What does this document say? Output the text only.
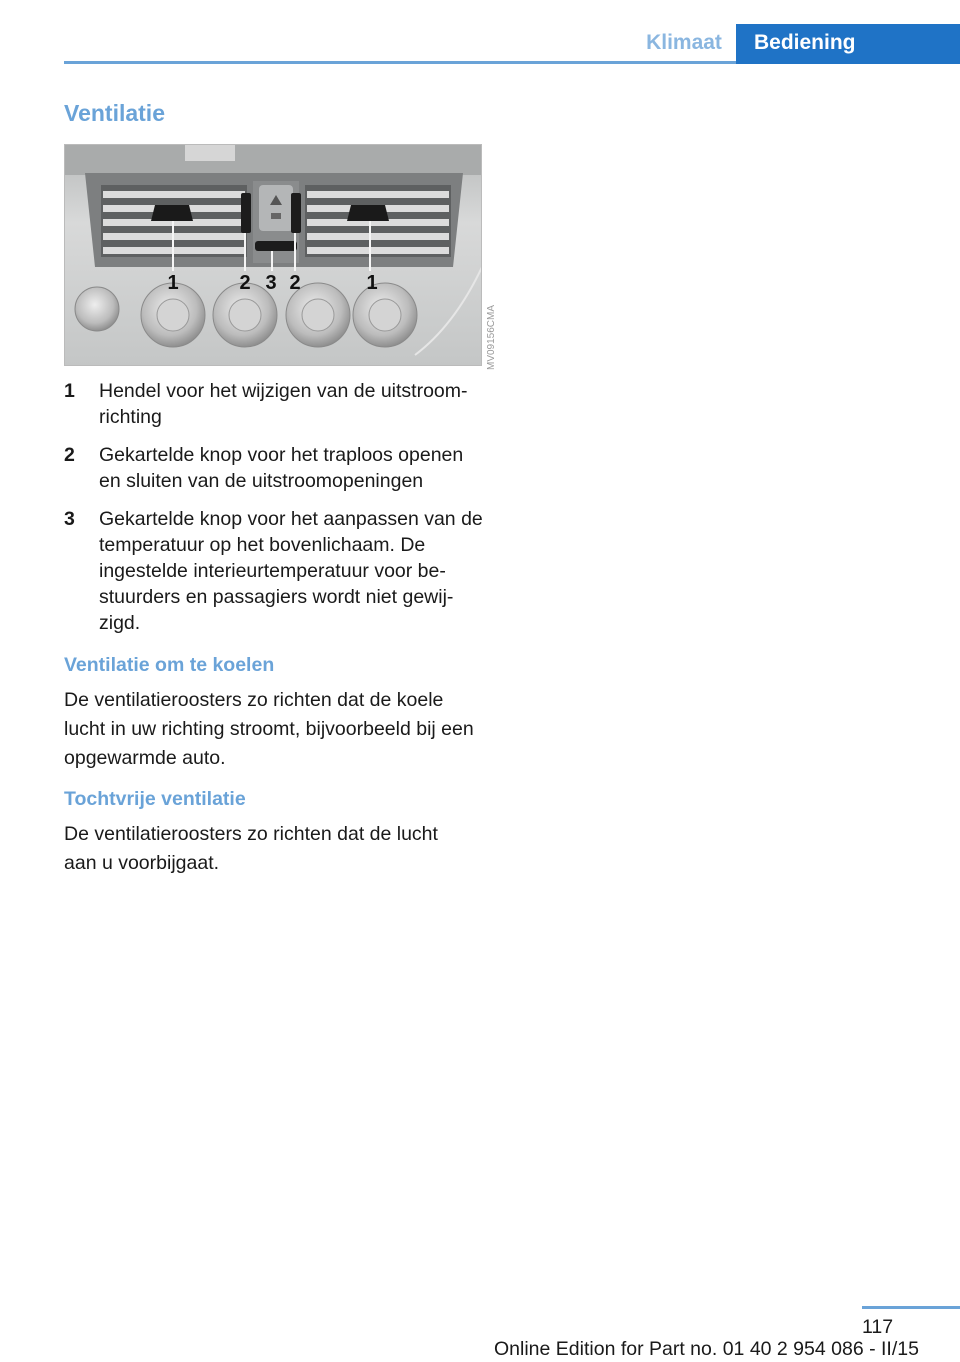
Klimaat	Bediening
Ventilatie
1	2 3 2	1
MV09156CMA
1	Hendel voor het wijzigen van de uitstroom-richting
2	Gekartelde knop voor het traploos openen en sluiten van de uitstroomopeningen
3	Gekartelde knop voor het aanpassen van de temperatuur op het bovenlichaam. De ingestelde interieurtemperatuur voor be-stuurders en passagiers wordt niet gewij-zigd.
Ventilatie om te koelen
De ventilatieroosters zo richten dat de koele lucht in uw richting stroomt, bijvoorbeeld bij een opgewarmde auto.
Tochtvrije ventilatie
De ventilatieroosters zo richten dat de lucht aan u voorbijgaat.
117
Online Edition for Part no. 01 40 2 954 086 - II/15
